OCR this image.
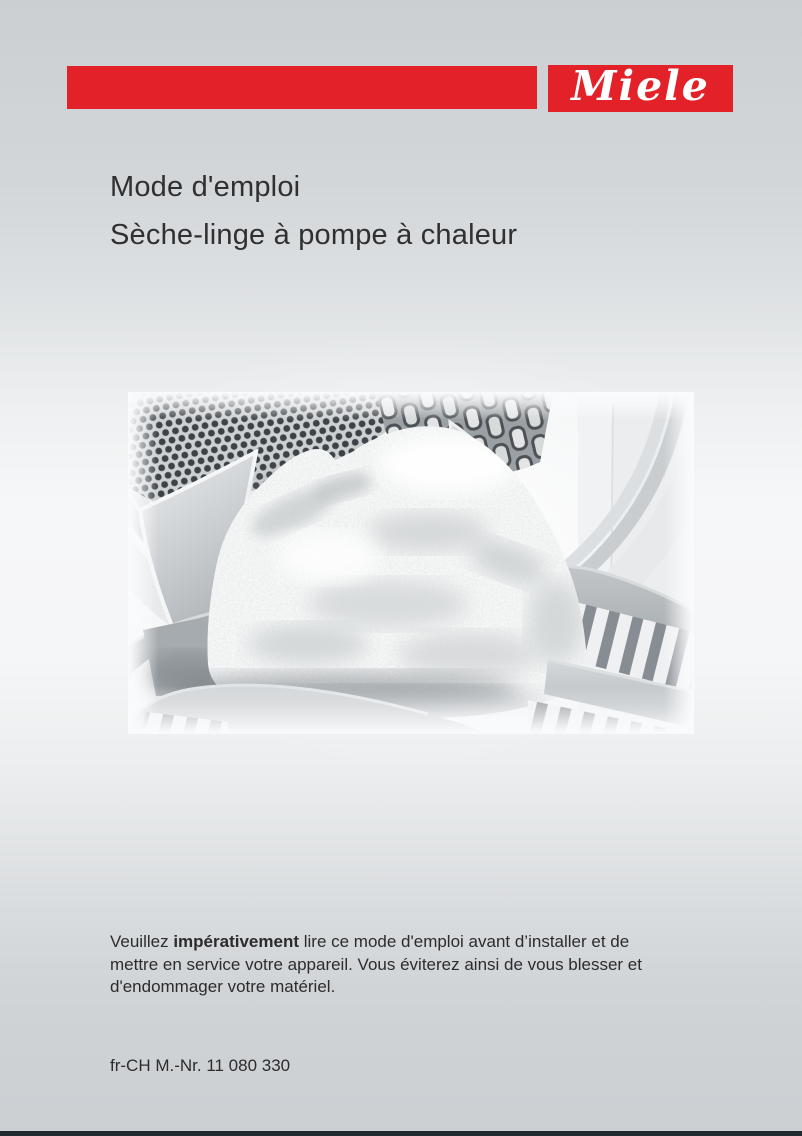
Miele
Mode d'emploi
Sèche-linge à pompe à chaleur

Veuillez impérativement lire ce mode d'emploi avant d’installer et de
mettre en service votre appareil. Vous éviterez ainsi de vous blesser et
d'endommager votre matériel.

fr-CH M.-Nr. 11 080 330
